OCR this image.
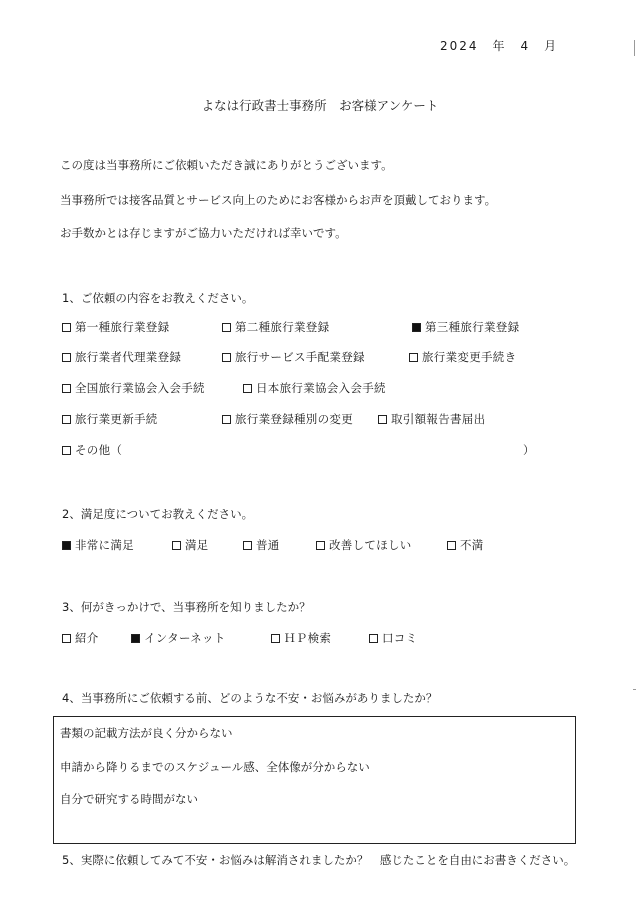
2024　年　4　月
よなは行政書士事務所　お客様アンケート
この度は当事務所にご依頼いただき誠にありがとうございます。
当事務所では接客品質とサービス向上のためにお客様からお声を頂戴しております。
お手数かとは存じますがご協力いただければ幸いです。
1、ご依頼の内容をお教えください。
第一種旅行業登録	第二種旅行業登録	第三種旅行業登録
旅行業者代理業登録	旅行サービス手配業登録	旅行業変更手続き
全国旅行業協会入会手続	日本旅行業協会入会手続
旅行業更新手続	旅行業登録種別の変更	取引額報告書届出
その他（	）
2、満足度についてお教えください。
非常に満足	満足	普通	改善してほしい	不満
3、何がきっかけで、当事務所を知りましたか？
紹介	インターネット	ＨＰ検索	口コミ
4、当事務所にご依頼する前、どのような不安・お悩みがありましたか？
書類の記載方法が良く分からない
申請から降りるまでのスケジュール感、全体像が分からない
自分で研究する時間がない
5、実際に依頼してみて不安・お悩みは解消されましたか？　感じたことを自由にお書きください。
